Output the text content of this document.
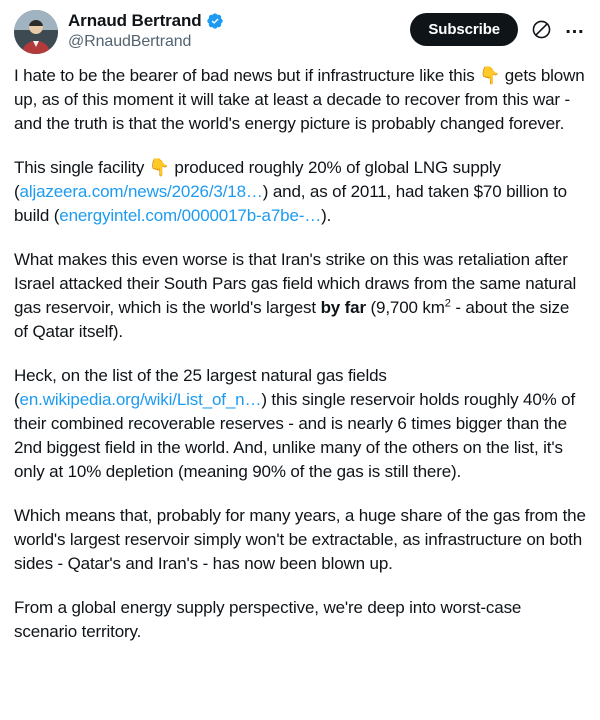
Arnaud Bertrand
@RnaudBertrand
Subscribe	…

I hate to be the bearer of bad news but if infrastructure like this 👇 gets blown up, as of this moment it will take at least a decade to recover from this war - and the truth is that the world's energy picture is probably changed forever.

This single facility 👇 produced roughly 20% of global LNG supply (aljazeera.com/news/2026/3/18…) and, as of 2011, had taken $70 billion to build (energyintel.com/0000017b-a7be-…).

What makes this even worse is that Iran's strike on this was retaliation after Israel attacked their South Pars gas field which draws from the same natural gas reservoir, which is the world's largest by far (9,700 $km^2$ - about the size of Qatar itself).

Heck, on the list of the 25 largest natural gas fields (en.wikipedia.org/wiki/List_of_n…) this single reservoir holds roughly 40% of their combined recoverable reserves - and is nearly 6 times bigger than the 2nd biggest field in the world. And, unlike many of the others on the list, it's only at 10% depletion (meaning 90% of the gas is still there).

Which means that, probably for many years, a huge share of the gas from the world's largest reservoir simply won't be extractable, as infrastructure on both sides - Qatar's and Iran's - has now been blown up.

From a global energy supply perspective, we're deep into worst-case scenario territory.
